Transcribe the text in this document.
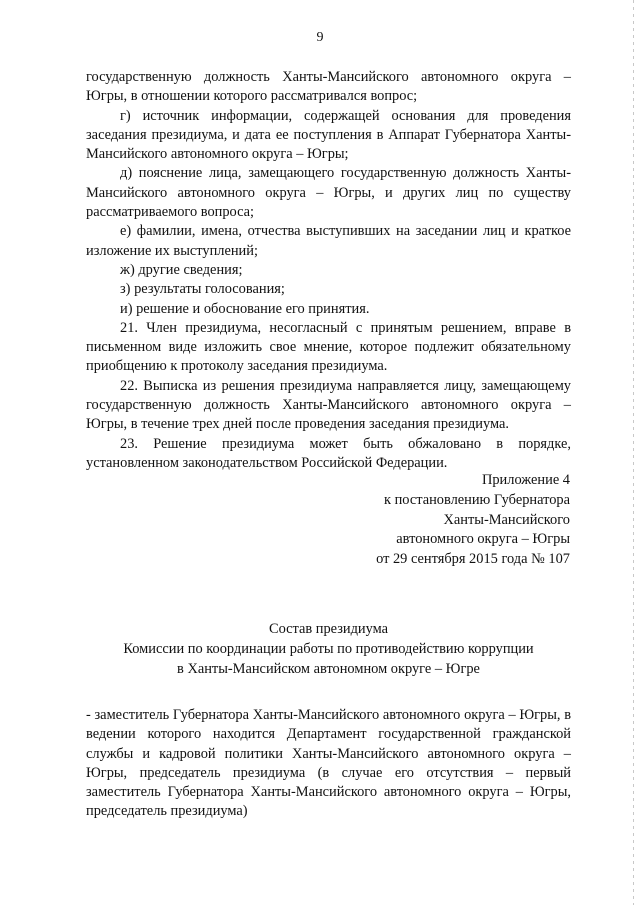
9

государственную должность Ханты-Мансийского автономного округа – Югры, в отношении которого рассматривался вопрос;

г) источник информации, содержащей основания для проведения заседания президиума, и дата ее поступления в Аппарат Губернатора Ханты-Мансийского автономного округа – Югры;

д) пояснение лица, замещающего государственную должность Ханты-Мансийского автономного округа – Югры, и других лиц по существу рассматриваемого вопроса;

е) фамилии, имена, отчества выступивших на заседании лиц и краткое изложение их выступлений;

ж) другие сведения;

з) результаты голосования;

и) решение и обоснование его принятия.

21. Член президиума, несогласный с принятым решением, вправе в письменном виде изложить свое мнение, которое подлежит обязательному приобщению к протоколу заседания президиума.

22. Выписка из решения президиума направляется лицу, замещающему государственную должность Ханты-Мансийского автономного округа – Югры, в течение трех дней после проведения заседания президиума.

23. Решение президиума может быть обжаловано в порядке, установленном законодательством Российской Федерации.

Приложение 4
к постановлению Губернатора
Ханты-Мансийского
автономного округа – Югры
от 29 сентября 2015 года № 107
Состав президиума
Комиссии по координации работы по противодействию коррупции
в Ханты-Мансийском автономном округе – Югре
- заместитель Губернатора Ханты-Мансийского автономного округа – Югры, в ведении которого находится Департамент государственной гражданской службы и кадровой политики Ханты-Мансийского автономного округа – Югры, председатель президиума (в случае его отсутствия – первый заместитель Губернатора Ханты-Мансийского автономного округа – Югры, председатель президиума)
